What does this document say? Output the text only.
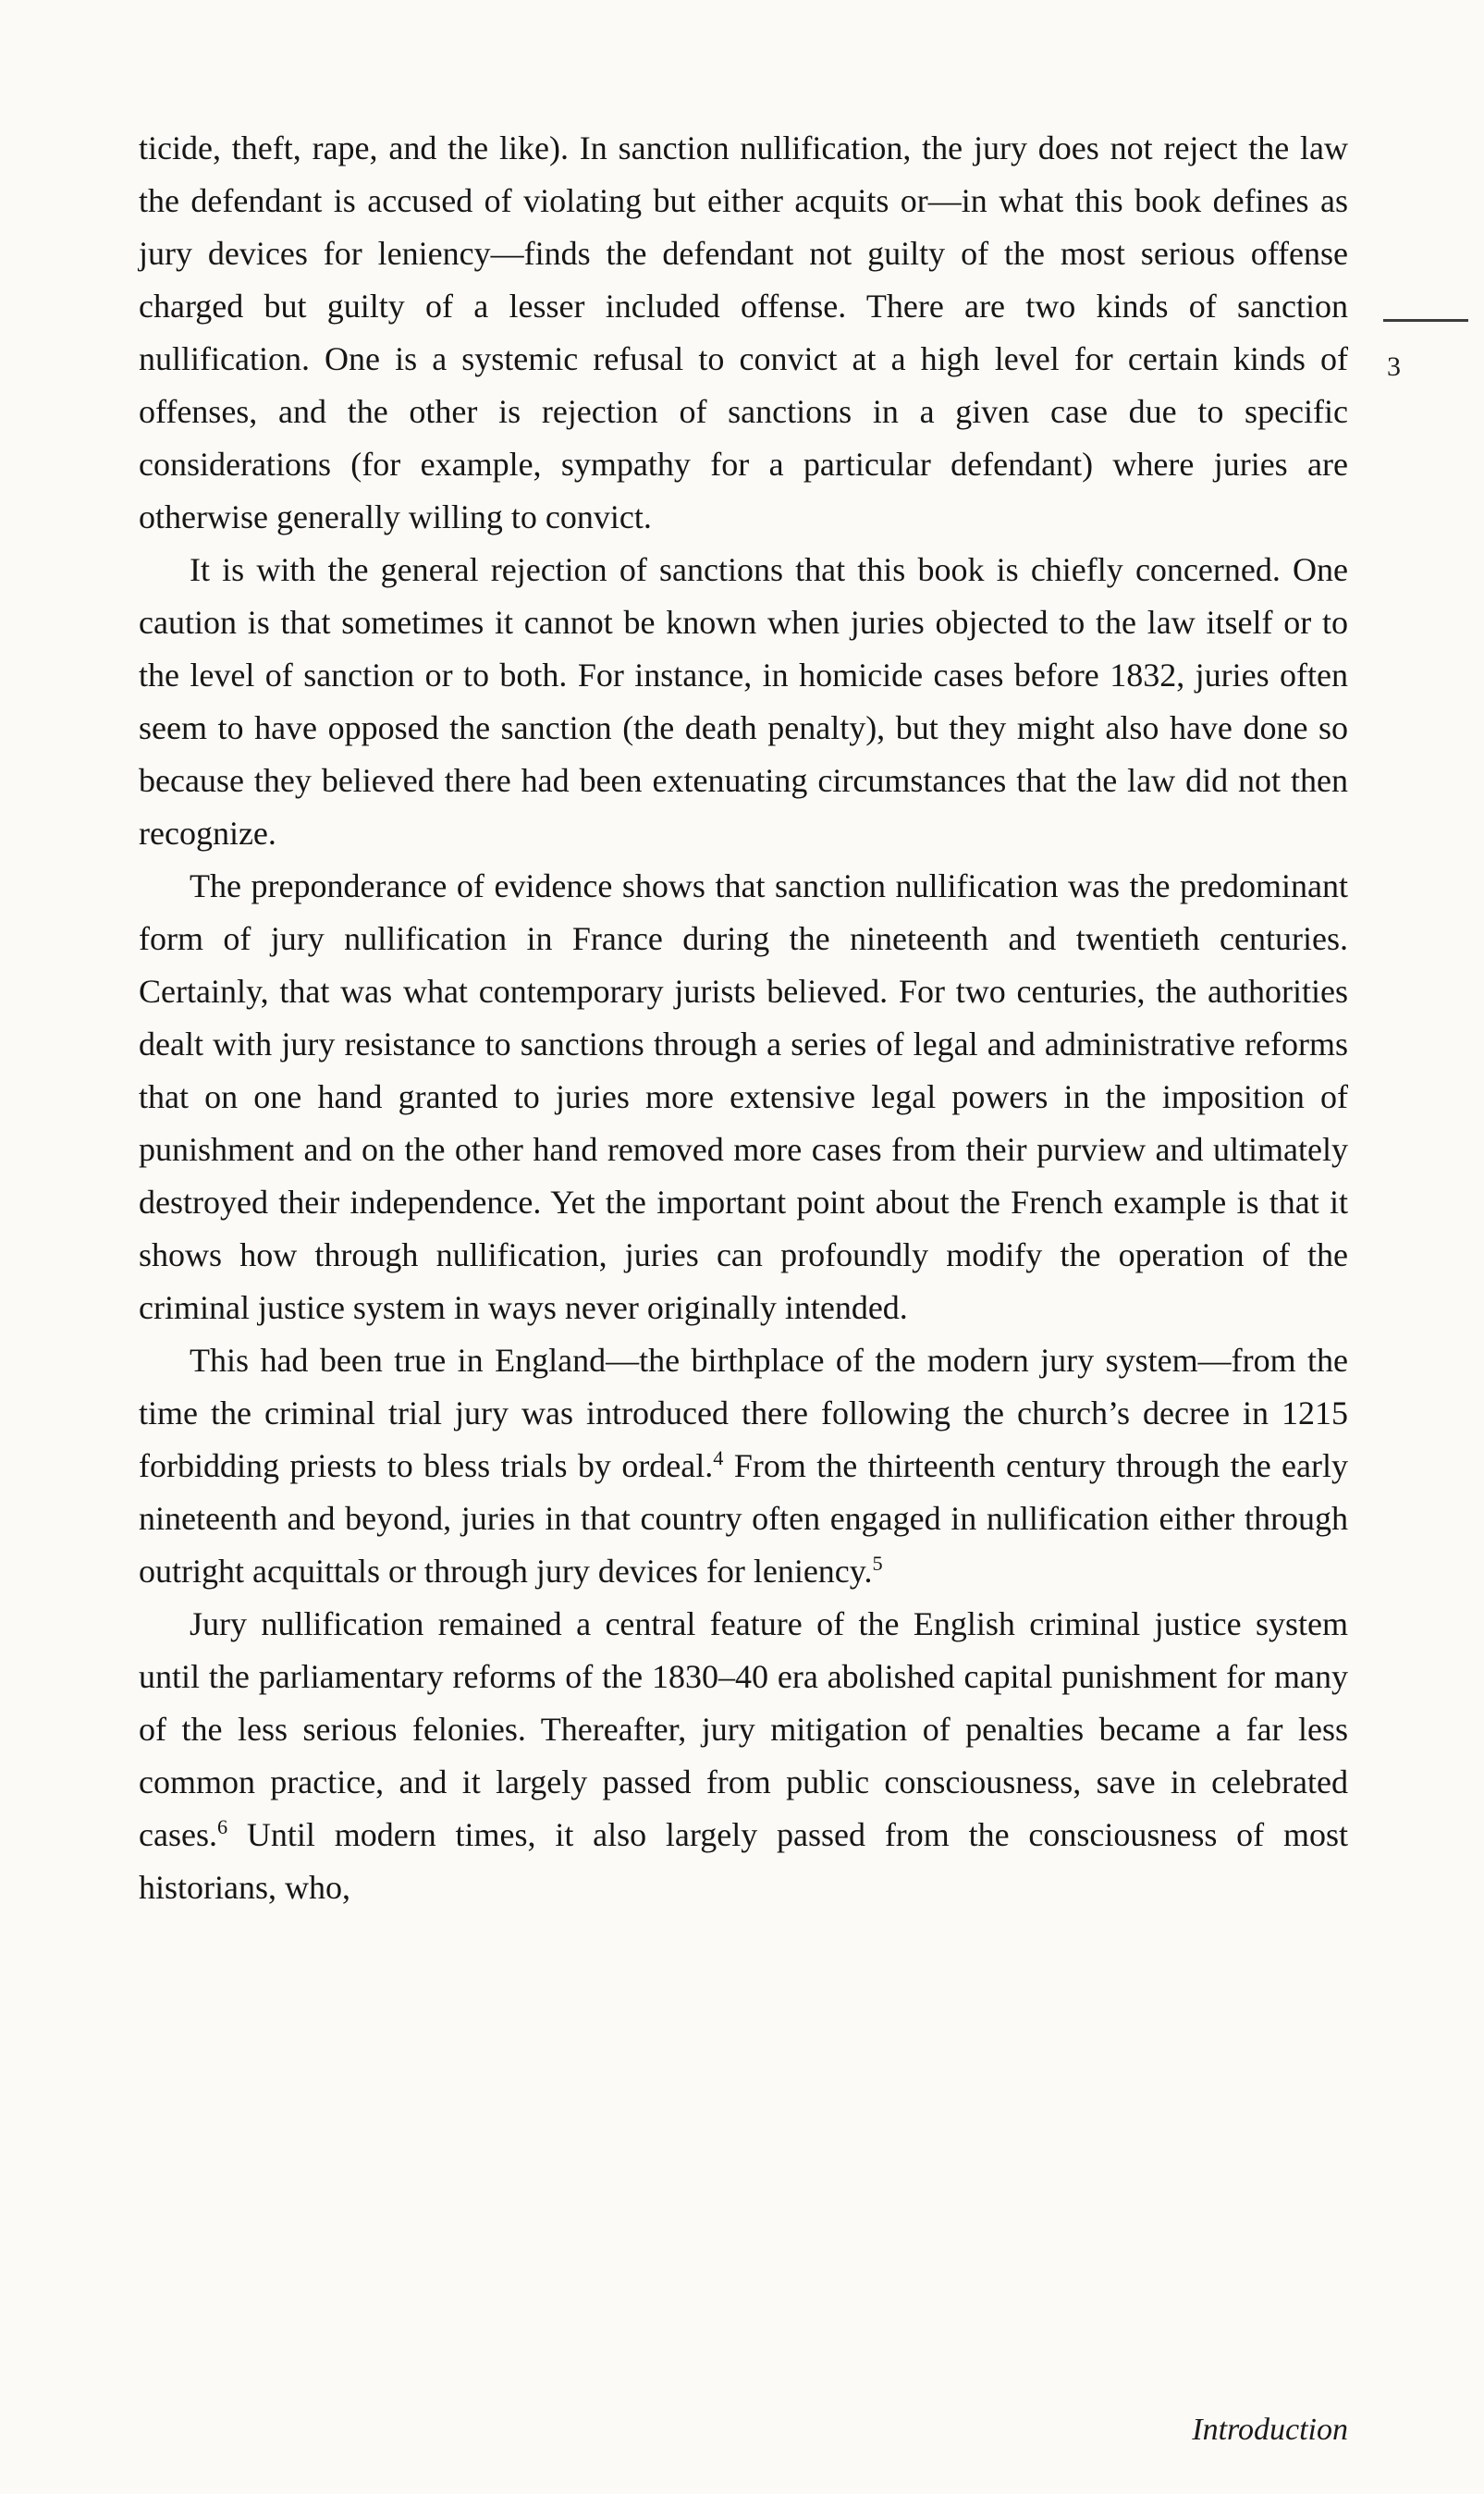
ticide, theft, rape, and the like). In sanction nullification, the jury does not reject the law the defendant is accused of violating but either acquits or—in what this book defines as jury devices for leniency—finds the defendant not guilty of the most serious offense charged but guilty of a lesser included offense. There are two kinds of sanction nullification. One is a systemic refusal to convict at a high level for certain kinds of offenses, and the other is rejection of sanctions in a given case due to specific considerations (for example, sympathy for a particular defendant) where juries are otherwise generally willing to convict.

It is with the general rejection of sanctions that this book is chiefly concerned. One caution is that sometimes it cannot be known when juries objected to the law itself or to the level of sanction or to both. For instance, in homicide cases before 1832, juries often seem to have opposed the sanction (the death penalty), but they might also have done so because they believed there had been extenuating circumstances that the law did not then recognize.

The preponderance of evidence shows that sanction nullification was the predominant form of jury nullification in France during the nineteenth and twentieth centuries. Certainly, that was what contemporary jurists believed. For two centuries, the authorities dealt with jury resistance to sanctions through a series of legal and administrative reforms that on one hand granted to juries more extensive legal powers in the imposition of punishment and on the other hand removed more cases from their purview and ultimately destroyed their independence. Yet the important point about the French example is that it shows how through nullification, juries can profoundly modify the operation of the criminal justice system in ways never originally intended.

This had been true in England—the birthplace of the modern jury system—from the time the criminal trial jury was introduced there following the church’s decree in 1215 forbidding priests to bless trials by ordeal.$^4$ From the thirteenth century through the early nineteenth and beyond, juries in that country often engaged in nullification either through outright acquittals or through jury devices for leniency.$^5$

Jury nullification remained a central feature of the English criminal justice system until the parliamentary reforms of the 1830–40 era abolished capital punishment for many of the less serious felonies. Thereafter, jury mitigation of penalties became a far less common practice, and it largely passed from public consciousness, save in celebrated cases.$^6$ Until modern times, it also largely passed from the consciousness of most historians, who,

3
Introduction
